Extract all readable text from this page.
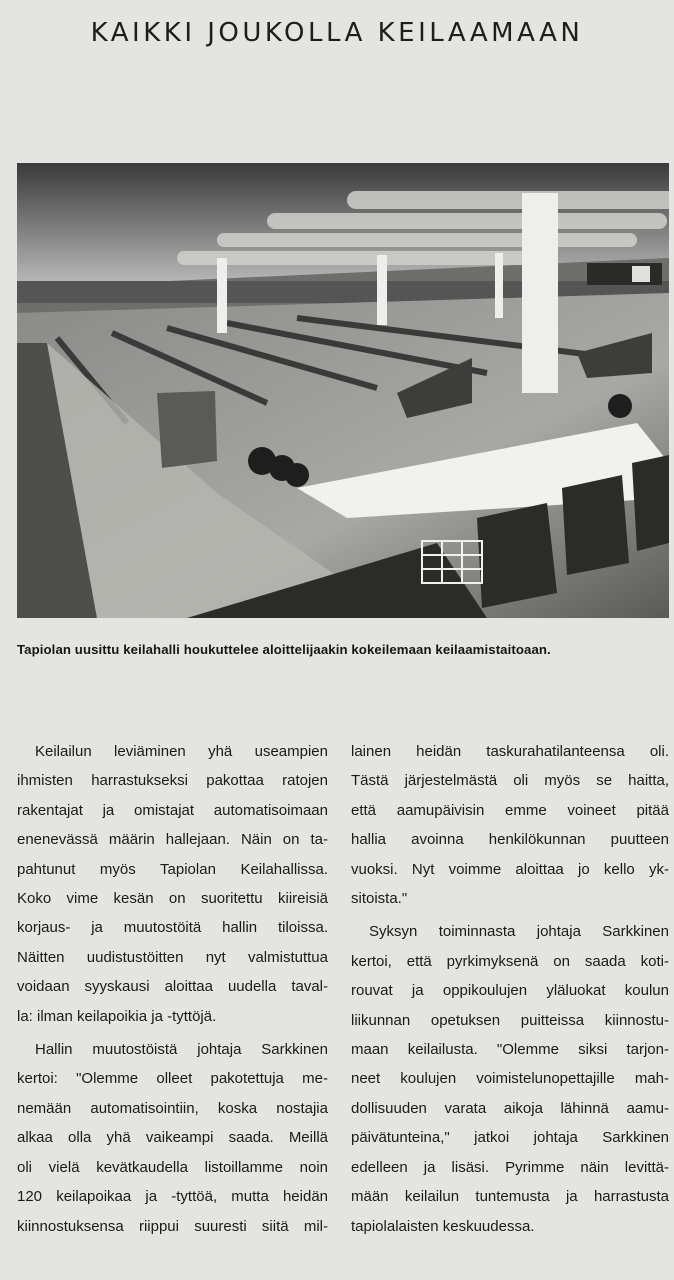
KAIKKI JOUKOLLA KEILAAMAAN
Tapiolan uusittu keilahalli houkuttelee aloittelijaakin kokeilemaan keilaamistaitoaan.
Keilailun leviäminen yhä useampien
ihmisten harrastukseksi pakottaa ratojen
rakentajat ja omistajat automatisoimaan
enenevässä määrin hallejaan. Näin on ta-
pahtunut myös Tapiolan Keilahallissa.
Koko vime kesän on suoritettu kiireisiä
korjaus- ja muutostöitä hallin tiloissa.
Näitten uudistustöitten nyt valmistuttua
voidaan syyskausi aloittaa uudella taval-
la: ilman keilapoikia ja -tyttöjä.
Hallin muutostöistä johtaja Sarkkinen
kertoi: "Olemme olleet pakotettuja me-
nemään automatisointiin, koska nostajia
alkaa olla yhä vaikeampi saada. Meillä
oli vielä kevätkaudella listoillamme noin
120 keilapoikaa ja -tyttöä, mutta heidän
kiinnostuksensa riippui suuresti siitä mil-
lainen heidän taskurahatilanteensa oli.
Tästä järjestelmästä oli myös se haitta,
että aamupäivisin emme voineet pitää
hallia avoinna henkilökunnan puutteen
vuoksi. Nyt voimme aloittaa jo kello yk-
sitoista."
Syksyn toiminnasta johtaja Sarkkinen
kertoi, että pyrkimyksenä on saada koti-
rouvat ja oppikoulujen yläluokat koulun
liikunnan opetuksen puitteissa kiinnostu-
maan keilailusta. "Olemme siksi tarjon-
neet koulujen voimistelunopettajille mah-
dollisuuden varata aikoja lähinnä aamu-
päivätunteina," jatkoi johtaja Sarkkinen
edelleen ja lisäsi. Pyrimme näin levittä-
mään keilailun tuntemusta ja harrastusta
tapiolalaisten keskuudessa.
